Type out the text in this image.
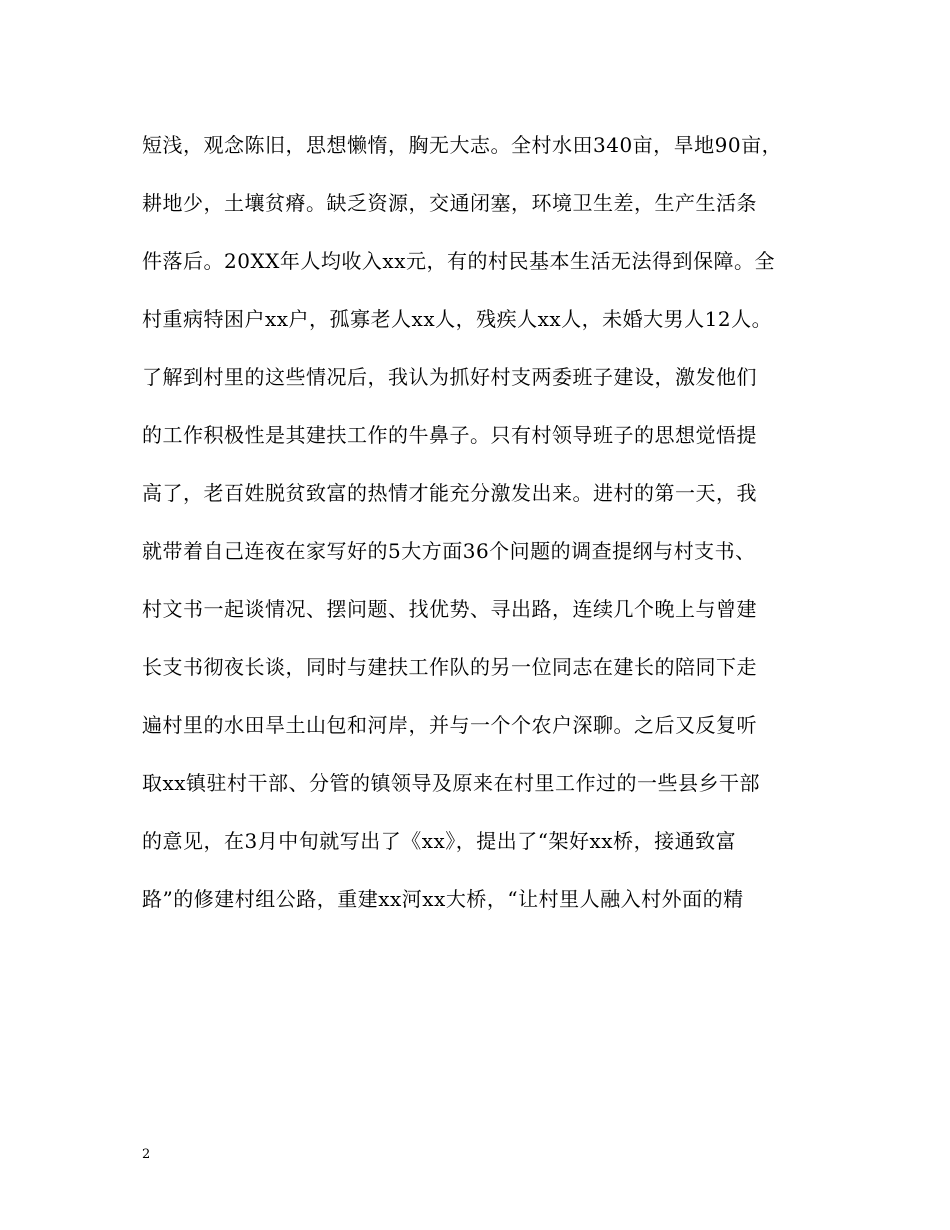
短浅，观念陈旧，思想懒惰，胸无大志。全村水田340亩，旱地90亩，
耕地少，土壤贫瘠。缺乏资源，交通闭塞，环境卫生差，生产生活条
件落后。20XX年人均收入xx元，有的村民基本生活无法得到保障。全
村重病特困户xx户，孤寡老人xx人，残疾人xx人，未婚大男人12人。
了解到村里的这些情况后，我认为抓好村支两委班子建设，激发他们
的工作积极性是其建扶工作的牛鼻子。只有村领导班子的思想觉悟提
高了，老百姓脱贫致富的热情才能充分激发出来。进村的第一天，我
就带着自己连夜在家写好的5大方面36个问题的调查提纲与村支书、
村文书一起谈情况、摆问题、找优势、寻出路，连续几个晚上与曾建
长支书彻夜长谈，同时与建扶工作队的另一位同志在建长的陪同下走
遍村里的水田旱土山包和河岸，并与一个个农户深聊。之后又反复听
取xx镇驻村干部、分管的镇领导及原来在村里工作过的一些县乡干部
的意见，在3月中旬就写出了《xx》，提出了“架好xx桥，接通致富
路”的修建村组公路，重建xx河xx大桥，“让村里人融入村外面的精
2
